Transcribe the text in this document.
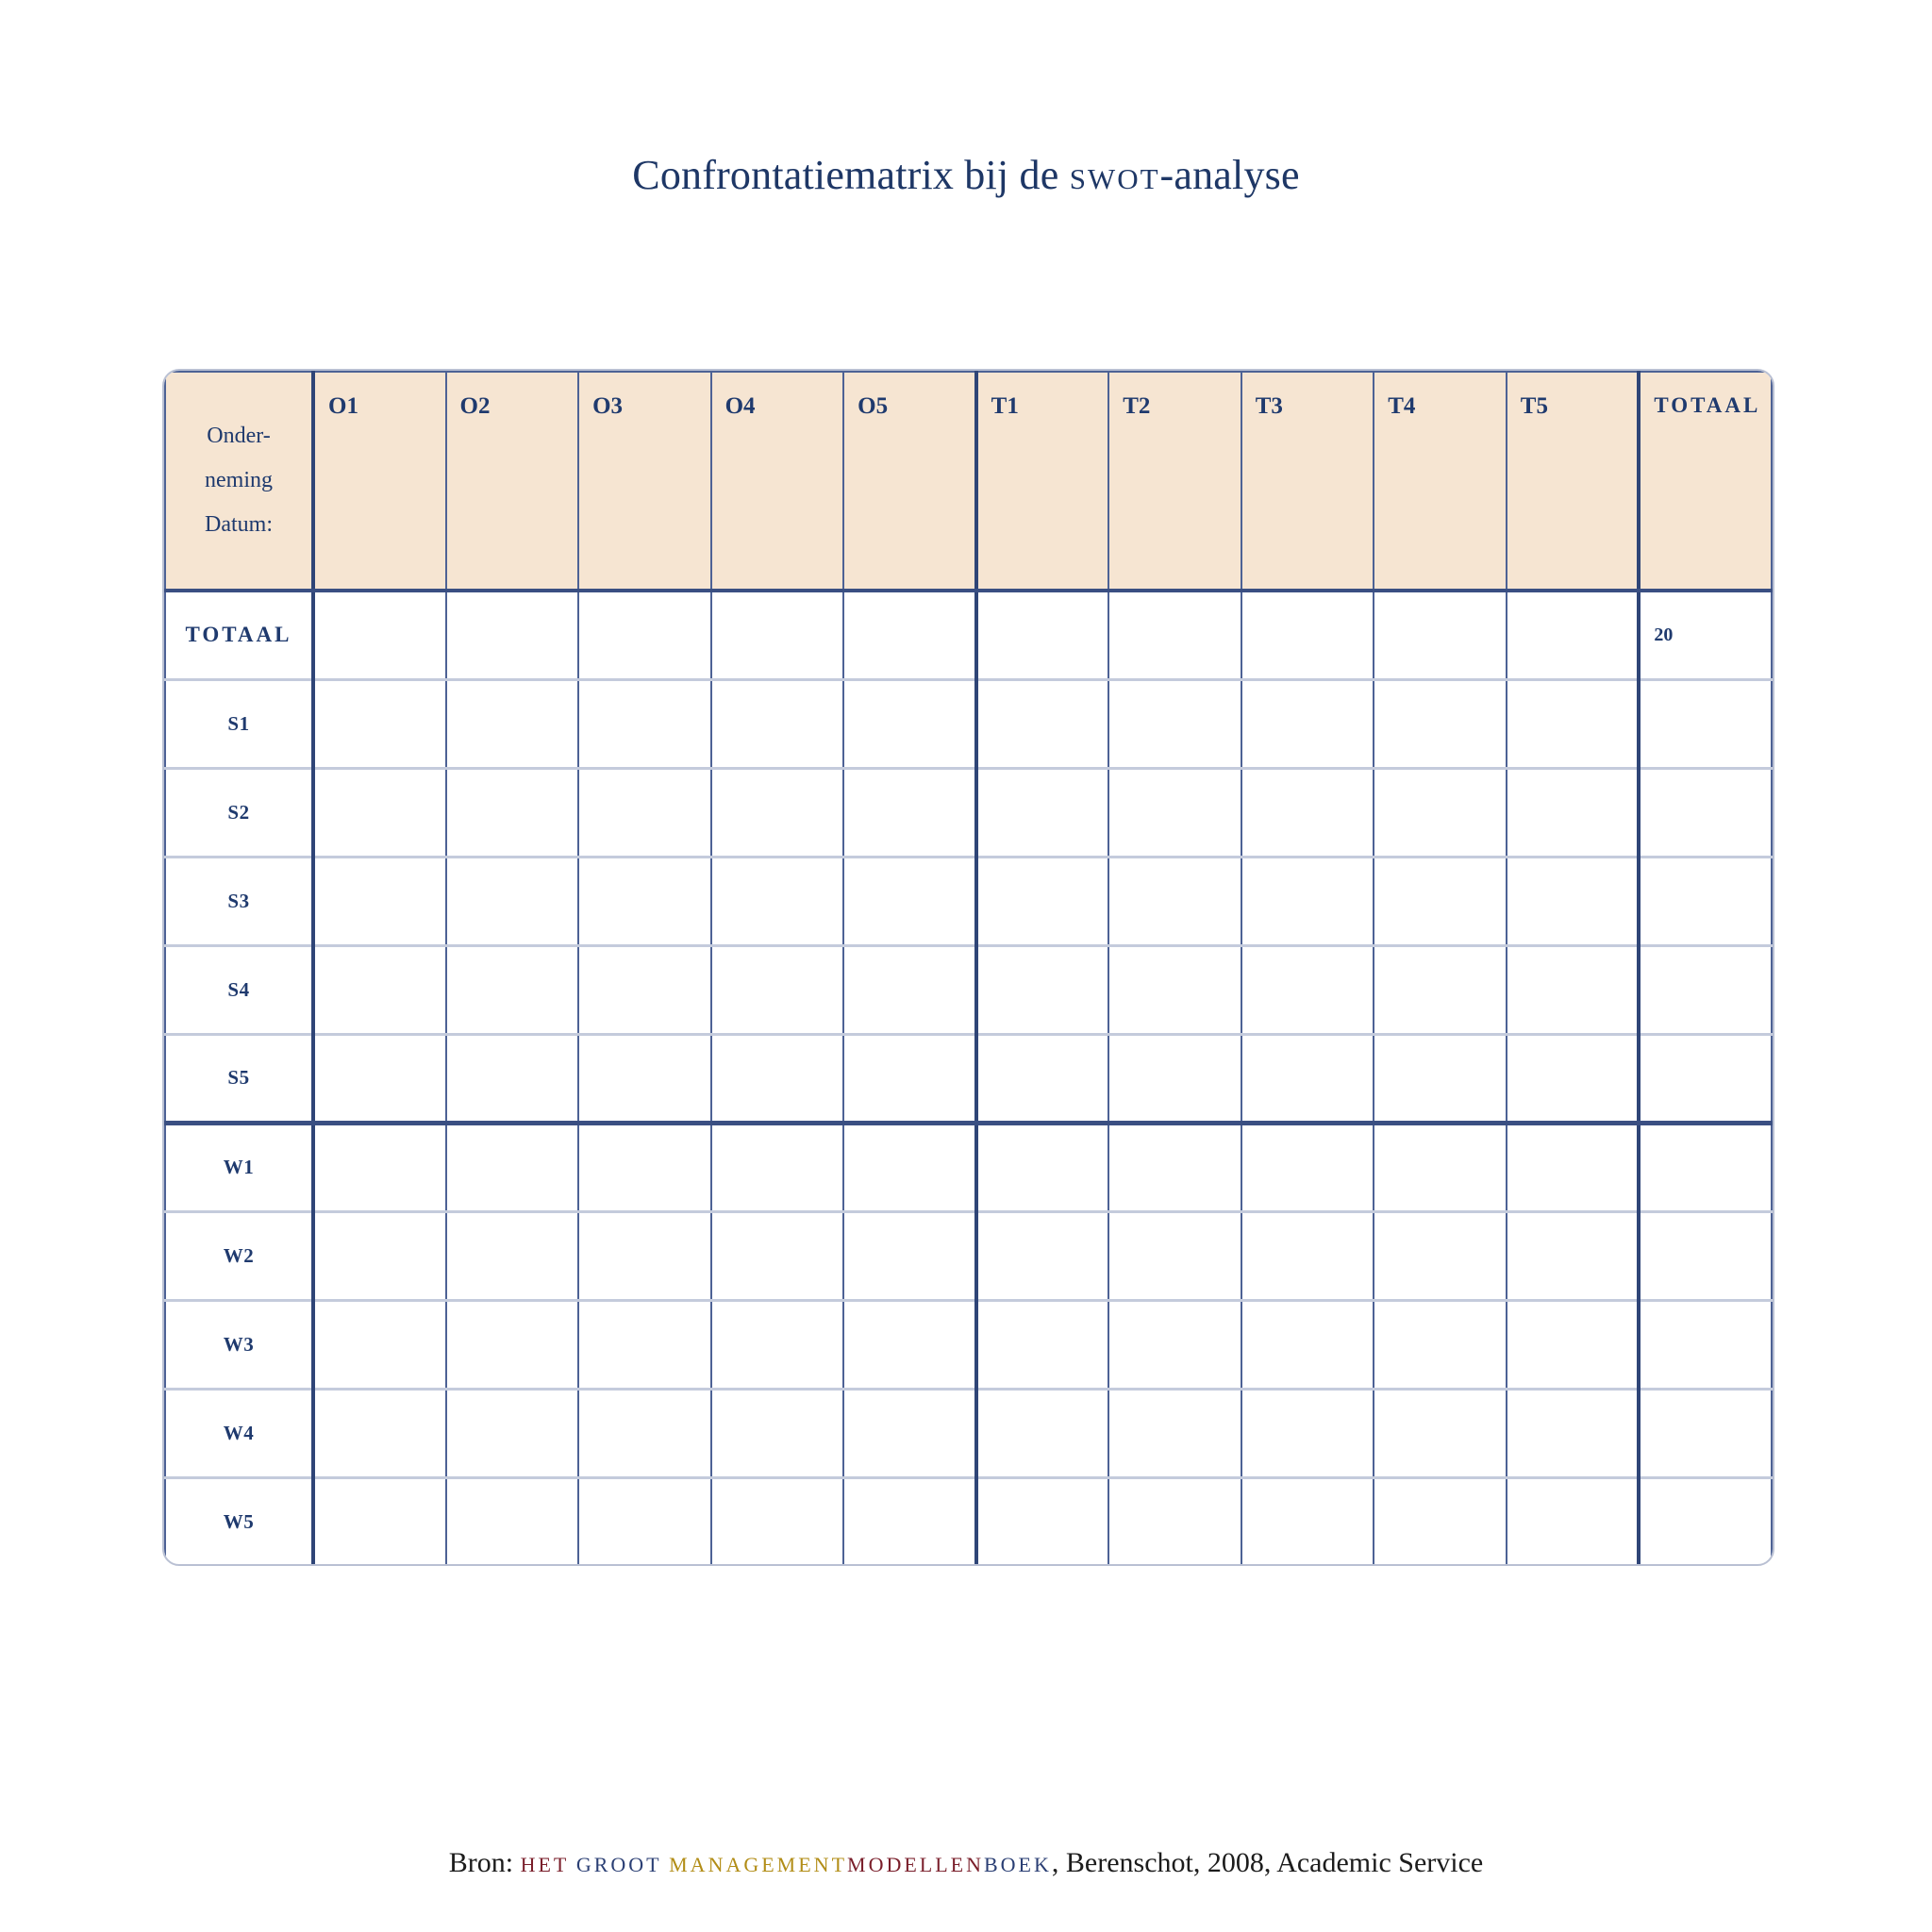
Confrontatiematrix bij de swot-analyse
Onder-
neming
Datum:	O1	O2	O3	O4	O5	T1	T2	T3	T4	T5	TOTAAL
TOTAAL											20
S1											
S2											
S3											
S4											
S5											
W1											
W2											
W3											
W4											
W5											
Bron: HET GROOT MANAGEMENTMODELLENBOEK, Berenschot, 2008, Academic Service
